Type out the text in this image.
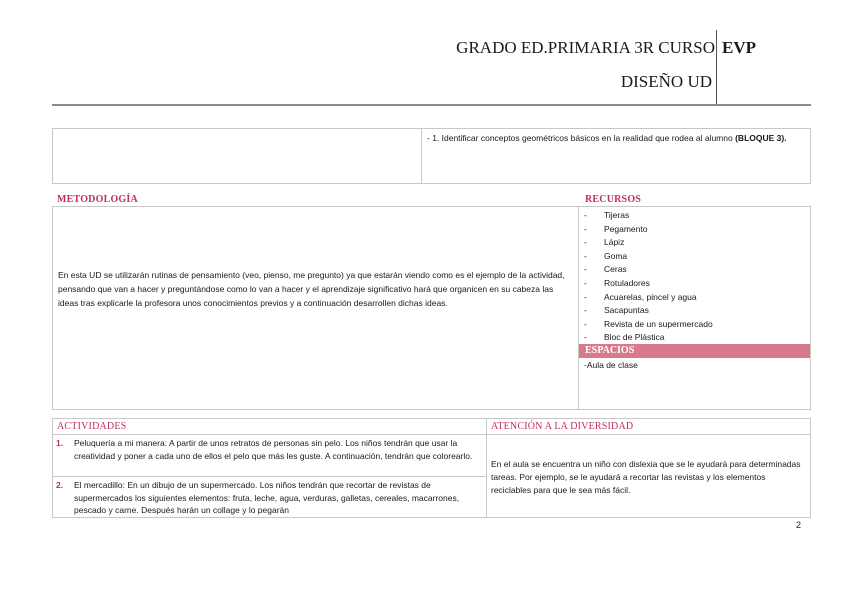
GRADO ED.PRIMARIA 3R CURSO
DISEÑO UD
EVP
- 1. Identificar conceptos geométricos básicos en la realidad que rodea al alumno (BLOQUE 3).
METODOLOGÍA	RECURSOS
En esta UD se utilizarán rutinas de pensamiento (veo, pienso, me pregunto) ya que estarán viendo como es el ejemplo de la actividad, pensando que van a hacer y preguntándose como lo van a hacer y el aprendizaje significativo hará que organicen en su cabeza las ideas tras explicarle la profesora unos conocimientos previos y a continuación desarrollen dichas ideas.
- Tijeras
- Pegamento
- Lápiz
- Goma
- Ceras
- Rotuladores
- Acuarelas, pincel y agua
- Sacapuntas
- Revista de un supermercado
- Bloc de Plástica
ESPACIOS
-Aula de clase
ACTIVIDADES	ATENCIÓN A LA DIVERSIDAD
1. Peluquería a mi manera: A partir de unos retratos de personas sin pelo. Los niños tendrán que usar la creatividad y poner a cada uno de ellos el pelo que más les guste. A continuación, tendrán que colorearlo.
2. El mercadillo: En un dibujo de un supermercado. Los niños tendrán que recortar de revistas de supermercados los siguientes elementos: fruta, leche, agua, verduras, galletas, cereales, macarrones, pescado y carne. Después harán un collage y lo pegarán
En el aula se encuentra un niño con dislexia que se le ayudará para determinadas tareas. Por ejemplo, se le ayudará a recortar las revistas y los elementos reciclables para que le sea más fácil.
2
